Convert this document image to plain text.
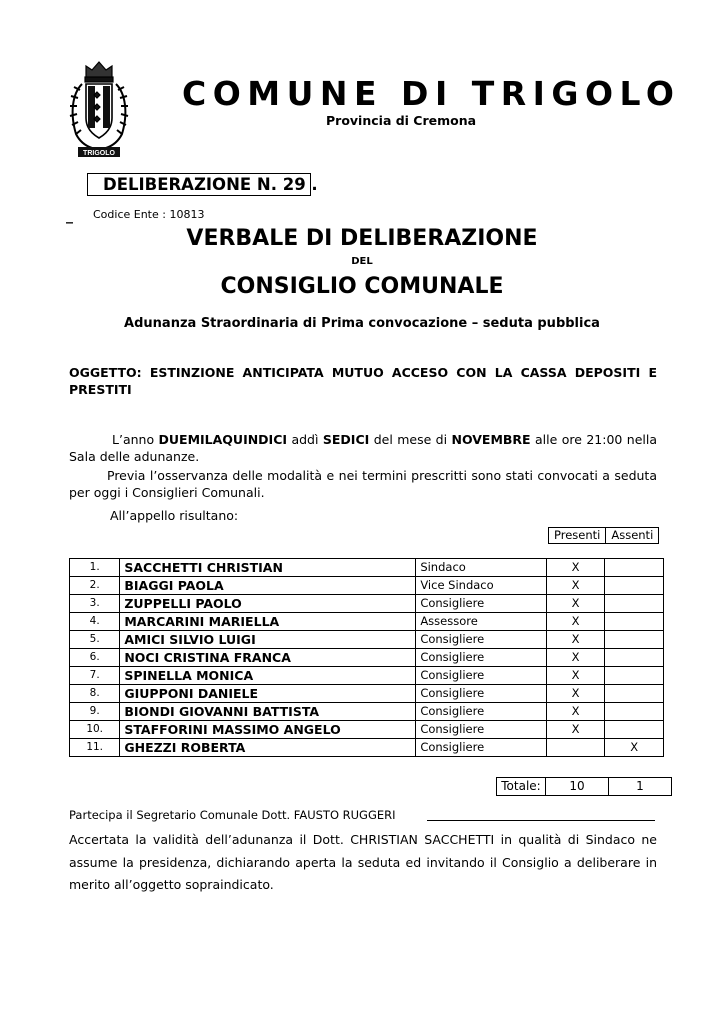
TRIGOLO
COMUNE DI TRIGOLO
Provincia di Cremona
DELIBERAZIONE N. 29 .
_ Codice Ente : 10813
VERBALE DI DELIBERAZIONE
DEL
CONSIGLIO COMUNALE
Adunanza Straordinaria di Prima convocazione – seduta pubblica
OGGETTO: ESTINZIONE ANTICIPATA MUTUO ACCESO CON LA CASSA DEPOSITI E PRESTITI
L’anno DUEMILAQUINDICI addì SEDICI del mese di NOVEMBRE alle ore 21:00 nella Sala delle adunanze.
Previa l’osservanza delle modalità e nei termini prescritti sono stati convocati a seduta per oggi i Consiglieri Comunali.
All’appello risultano:
Presenti	Assenti
1.	SACCHETTI CHRISTIAN	Sindaco	X	
2.	BIAGGI PAOLA	Vice Sindaco	X	
3.	ZUPPELLI PAOLO	Consigliere	X	
4.	MARCARINI MARIELLA	Assessore	X	
5.	AMICI SILVIO LUIGI	Consigliere	X	
6.	NOCI CRISTINA FRANCA	Consigliere	X	
7.	SPINELLA MONICA	Consigliere	X	
8.	GIUPPONI DANIELE	Consigliere	X	
9.	BIONDI GIOVANNI BATTISTA	Consigliere	X	
10.	STAFFORINI MASSIMO ANGELO	Consigliere	X	
11.	GHEZZI ROBERTA	Consigliere		X
Totale:	10	1
Partecipa il Segretario Comunale Dott. FAUSTO RUGGERI
Accertata la validità dell’adunanza il Dott. CHRISTIAN SACCHETTI in qualità di Sindaco ne assume la presidenza, dichiarando aperta la seduta ed invitando il Consiglio a deliberare in merito all’oggetto sopraindicato.
